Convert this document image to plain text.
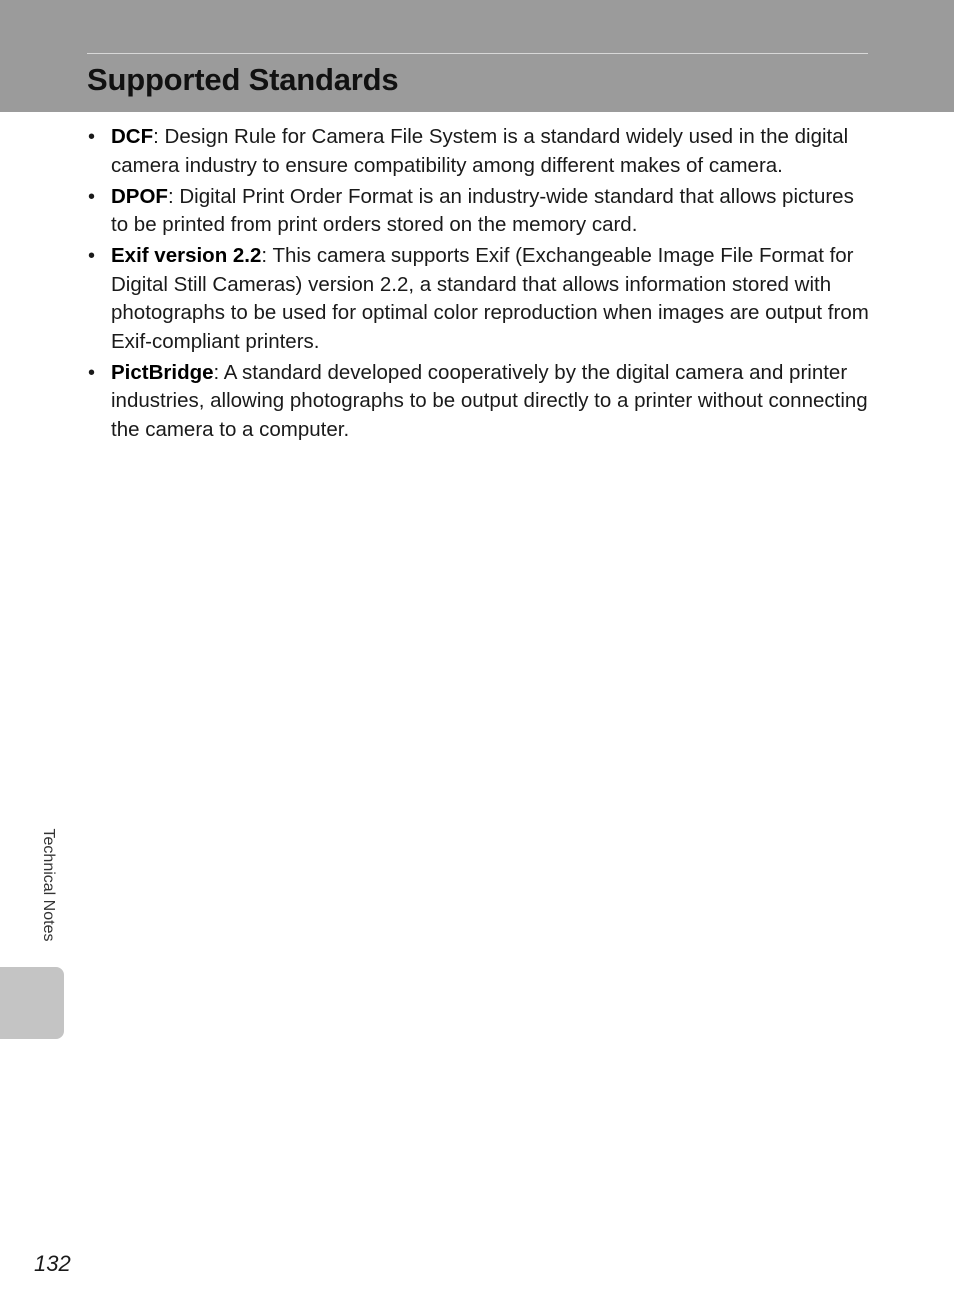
Supported Standards
• DCF: Design Rule for Camera File System is a standard widely used in the digital camera industry to ensure compatibility among different makes of camera.
• DPOF: Digital Print Order Format is an industry-wide standard that allows pictures to be printed from print orders stored on the memory card.
• Exif version 2.2: This camera supports Exif (Exchangeable Image File Format for Digital Still Cameras) version 2.2, a standard that allows information stored with photographs to be used for optimal color reproduction when images are output from Exif-compliant printers.
• PictBridge: A standard developed cooperatively by the digital camera and printer industries, allowing photographs to be output directly to a printer without connecting the camera to a computer.
Technical Notes
132
